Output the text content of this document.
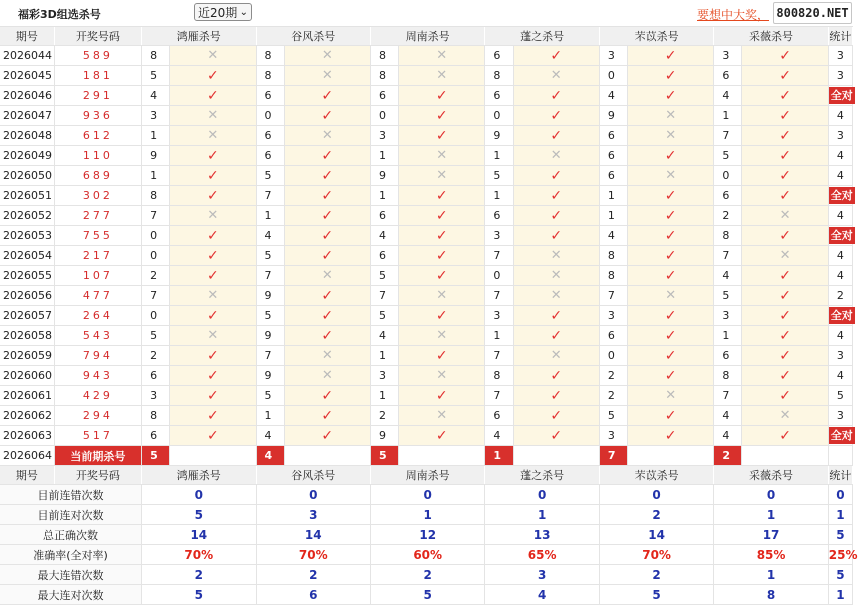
福彩3D组选杀号	近20期 ⌄	要想中大奖， 800820.NET
期号	开奖号码	鸿雁杀号		谷风杀号		周南杀号		蓬之杀号		芣苡杀号		采薇杀号		统计
2026044	589	8	✕	8	✕	8	✕	6	✓	3	✓	3	✓	3
2026045	181	5	✓	8	✕	8	✕	8	✕	0	✓	6	✓	3
2026046	291	4	✓	6	✓	6	✓	6	✓	4	✓	4	✓	全对
2026047	936	3	✕	0	✓	0	✓	0	✓	9	✕	1	✓	4
2026048	612	1	✕	6	✕	3	✓	9	✓	6	✕	7	✓	3
2026049	110	9	✓	6	✓	1	✕	1	✕	6	✓	5	✓	4
2026050	689	1	✓	5	✓	9	✕	5	✓	6	✕	0	✓	4
2026051	302	8	✓	7	✓	1	✓	1	✓	1	✓	6	✓	全对
2026052	277	7	✕	1	✓	6	✓	6	✓	1	✓	2	✕	4
2026053	755	0	✓	4	✓	4	✓	3	✓	4	✓	8	✓	全对
2026054	217	0	✓	5	✓	6	✓	7	✕	8	✓	7	✕	4
2026055	107	2	✓	7	✕	5	✓	0	✕	8	✓	4	✓	4
2026056	477	7	✕	9	✓	7	✕	7	✕	7	✕	5	✓	2
2026057	264	0	✓	5	✓	5	✓	3	✓	3	✓	3	✓	全对
2026058	543	5	✕	9	✓	4	✕	1	✓	6	✓	1	✓	4
2026059	794	2	✓	7	✕	1	✓	7	✕	0	✓	6	✓	3
2026060	943	6	✓	9	✕	3	✕	8	✓	2	✓	8	✓	4
2026061	429	3	✓	5	✓	1	✓	7	✓	2	✕	7	✓	5
2026062	294	8	✓	1	✓	2	✕	6	✓	5	✓	4	✕	3
2026063	517	6	✓	4	✓	9	✓	4	✓	3	✓	4	✓	全对
2026064	当前期杀号	5		4		5		1		7		2		
期号	开奖号码	鸿雁杀号		谷风杀号		周南杀号		蓬之杀号		芣苡杀号		采薇杀号		统计
目前连错次数		0		0		0		0		0		0		0
目前连对次数		5		3		1		1		2		1		1
总正确次数		14		14		12		13		14		17		5
准确率(全对率)		70%		70%		60%		65%		70%		85%		25%
最大连错次数		2		2		2		3		2		1		5
最大连对次数		5		6		5		4		5		8		1
